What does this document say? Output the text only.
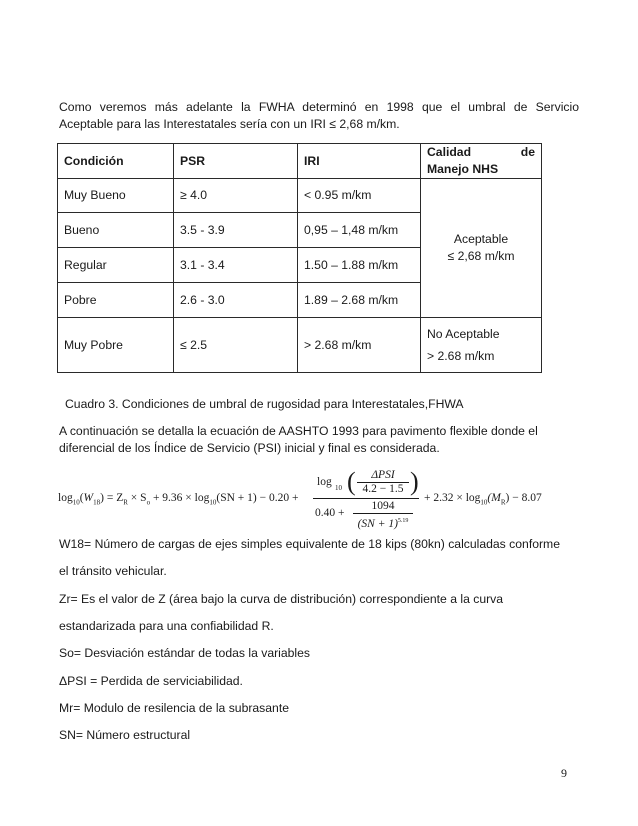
Como veremos más adelante la FWHA determinó en 1998 que el umbral de Servicio
Aceptable para las Interestatales sería con un IRI ≤ 2,68 m/km.
Condición	PSR	IRI	Calidad de
Manejo NHS

Muy Bueno	≥ 4.0	< 0.95 m/km	Aceptable
≤ 2,68 m/km

Bueno	3.5 - 3.9	0,95 – 1,48 m/km	
Regular	3.1 - 3.4	1.50 – 1.88 m/km	
Pobre	2.6 - 3.0	1.89 – 2.68 m/km	
Muy Pobre	≤ 2.5	> 2.68 m/km	No Aceptable
> 2.68 m/km
Cuadro 3. Condiciones de umbral de rugosidad para Interestatales,FHWA
A continuación se detalla la ecuación de AASHTO 1993 para pavimento flexible donde el
diferencial de los Índice de Servicio (PSI) inicial y final es considerada.
$\log_{10}(W_{18}) = Z_R \times S_o + 9.36 \times \log_{10}(SN + 1) - 0.20$ +
log 10 (	ΔPSI
4.2 − 1.5 )
0.40 +
1094
(SN + 1)$^{5.19}$
+ $2.32 \times \log_{10}(M_R) - 8.07$
W18= Número de cargas de ejes simples equivalente de 18 kips (80kn) calculadas conforme
el tránsito vehicular.
Zr= Es el valor de Z (área bajo la curva de distribución) correspondiente a la curva
estandarizada para una confiabilidad R.
So= Desviación estándar de todas la variables
ΔPSI = Perdida de serviciabilidad.
Mr= Modulo de resilencia de la subrasante
SN= Número estructural
9
